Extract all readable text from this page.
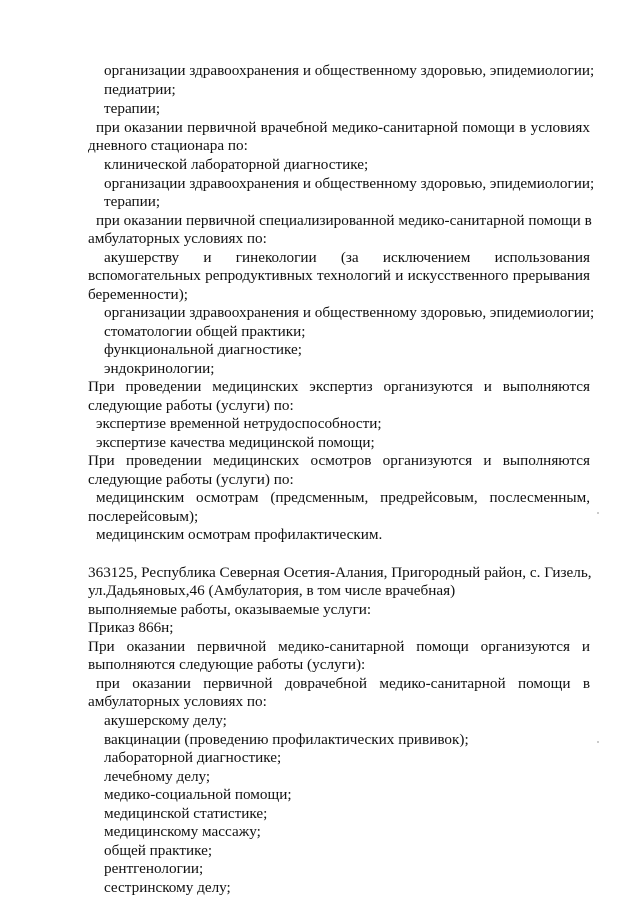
организации здравоохранения и общественному здоровью, эпидемиологии;
педиатрии;
терапии;
при оказании первичной врачебной медико-санитарной помощи в условиях
дневного стационара по:
клинической лабораторной диагностике;
организации здравоохранения и общественному здоровью, эпидемиологии;
терапии;
при оказании первичной специализированной медико-санитарной помощи в
амбулаторных условиях по:
акушерству и гинекологии (за исключением использования
вспомогательных репродуктивных технологий и искусственного прерывания
беременности);
организации здравоохранения и общественному здоровью, эпидемиологии;
стоматологии общей практики;
функциональной диагностике;
эндокринологии;
При проведении медицинских экспертиз организуются и выполняются
следующие работы (услуги) по:
экспертизе временной нетрудоспособности;
экспертизе качества медицинской помощи;
При проведении медицинских осмотров организуются и выполняются
следующие работы (услуги) по:
медицинским осмотрам (предсменным, предрейсовым, послесменным,
послерейсовым);
медицинским осмотрам профилактическим.
363125, Республика Северная Осетия-Алания, Пригородный район, с. Гизель,
ул.Дадьяновых,46 (Амбулатория, в том числе врачебная)
выполняемые работы, оказываемые услуги:
Приказ 866н;
При оказании первичной медико-санитарной помощи организуются и
выполняются следующие работы (услуги):
при оказании первичной доврачебной медико-санитарной помощи в
амбулаторных условиях по:
акушерскому делу;
вакцинации (проведению профилактических прививок);
лабораторной диагностике;
лечебному делу;
медико-социальной помощи;
медицинской статистике;
медицинскому массажу;
общей практике;
рентгенологии;
сестринскому делу;
